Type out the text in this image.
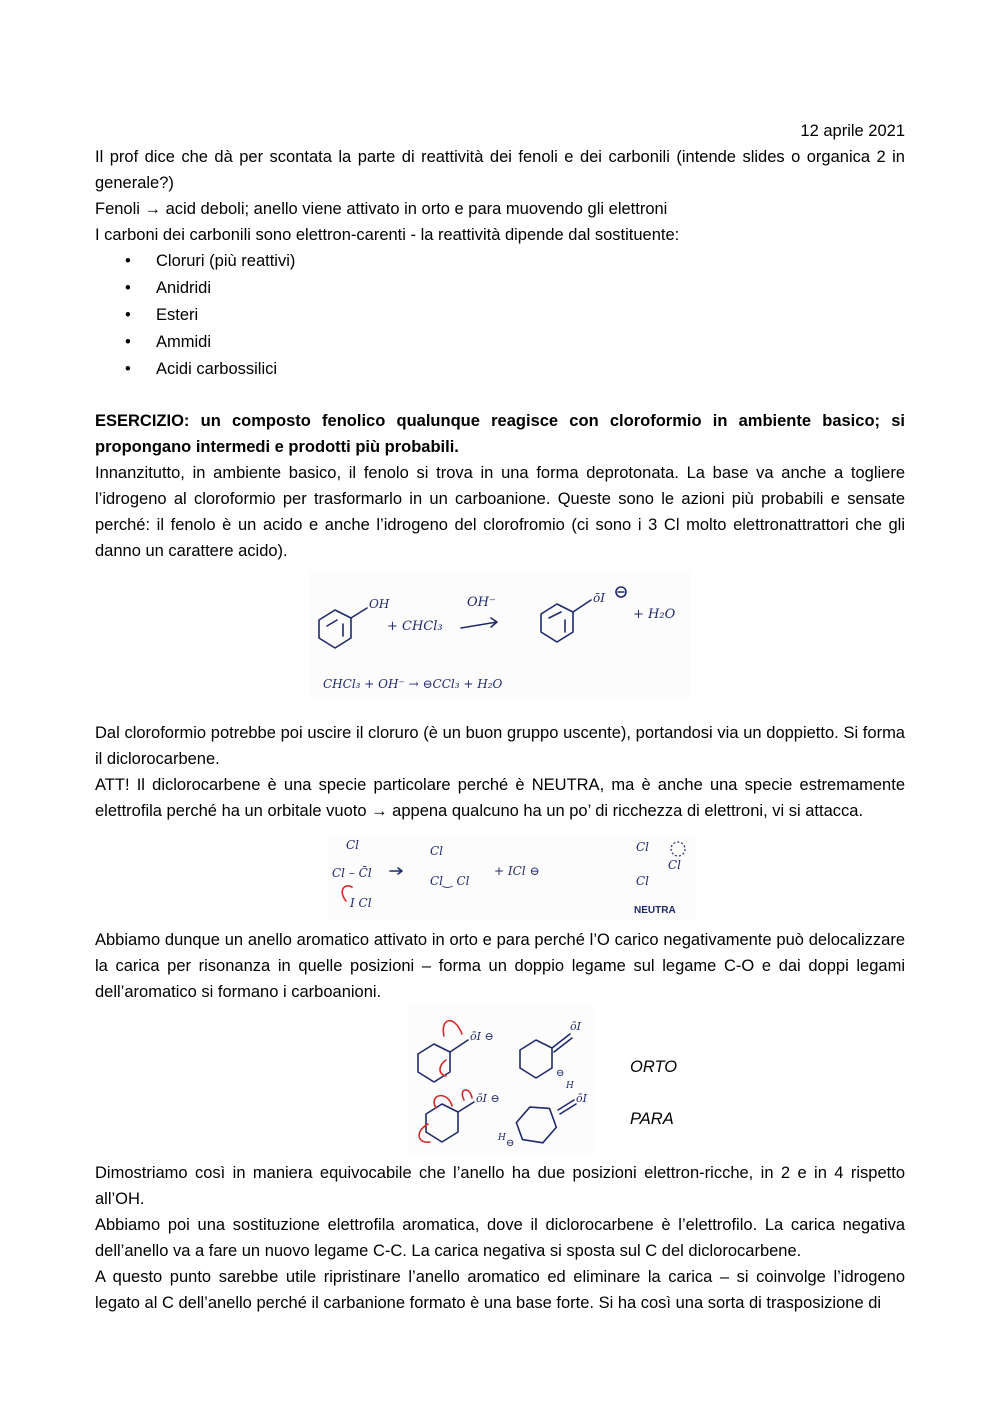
12 aprile 2021

Il prof dice che dà per scontata la parte di reattività dei fenoli e dei carbonili (intende slides o organica 2 in generale?)

Fenoli → acid deboli; anello viene attivato in orto e para muovendo gli elettroni

I carboni dei carbonili sono elettron-carenti - la reattività dipende dal sostituente:

• Cloruri (più reattivi)
• Anidridi
• Esteri
• Ammidi
• Acidi carbossilici

ESERCIZIO: un composto fenolico qualunque reagisce con cloroformio in ambiente basico; si propongano intermedi e prodotti più probabili.

Innanzitutto, in ambiente basico, il fenolo si trova in una forma deprotonata. La base va anche a togliere l’idrogeno al cloroformio per trasformarlo in un carboanione. Queste sono le azioni più probabili e sensate perché: il fenolo è un acido e anche l’idrogeno del clorofromio (ci sono i 3 Cl molto elettronattrattori che gli danno un carattere acido).

Dal cloroformio potrebbe poi uscire il cloruro (è un buon gruppo uscente), portandosi via un doppietto. Si forma il diclorocarbene.

ATT! Il diclorocarbene è una specie particolare perché è NEUTRA, ma è anche una specie estremamente elettrofila perché ha un orbitale vuoto → appena qualcuno ha un po’ di ricchezza di elettroni, vi si attacca.

Abbiamo dunque un anello aromatico attivato in orto e para perché l’O carico negativamente può delocalizzare la carica per risonanza in quelle posizioni – forma un doppio legame sul legame C-O e dai doppi legami dell’aromatico si formano i carboanioni.

Dimostriamo così in maniera equivocabile che l’anello ha due posizioni elettron-ricche, in 2 e in 4 rispetto all’OH.

Abbiamo poi una sostituzione elettrofila aromatica, dove il diclorocarbene è l’elettrofilo. La carica negativa dell’anello va a fare un nuovo legame C-C. La carica negativa si sposta sul C del diclorocarbene.

A questo punto sarebbe utile ripristinare l’anello aromatico ed eliminare la carica – si coinvolge l’idrogeno legato al C dell’anello perché il carbanione formato è una base forte. Si ha così una sorta di trasposizione di

OH
+ CHCl₃
OH⁻	ōI
+ H₂O
CHCl₃ + OH⁻ → ⊖CCl₃ + H₂O
Cl
Cl – C̄l
I Cl
Cl
Cl‿ Cl
+ ICl ⊖
Cl
Cl
Cl
NEUTRA
ōI ⊖
ōI
⊖
H
ōI ⊖	ōI
H ⊖
ORTO
PARA
